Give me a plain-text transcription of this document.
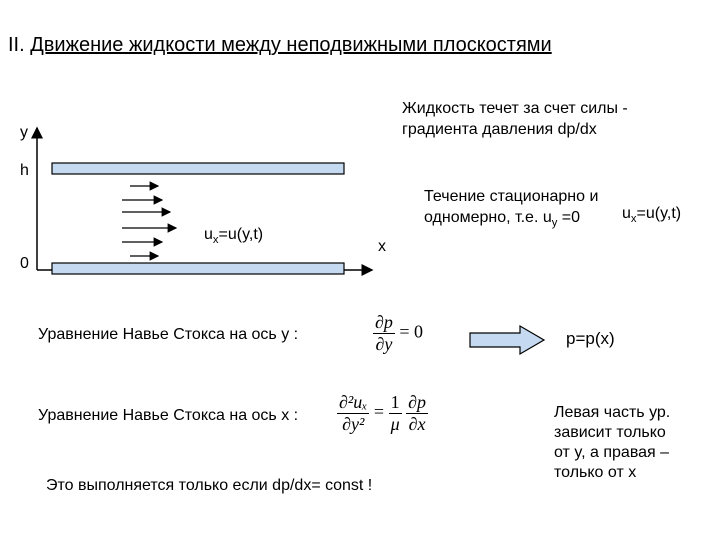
II. Движение жидкости между неподвижными плоскостями
y
h
0
x
$u_x=u(y,t)$
Жидкость течет за счет силы -
градиента давления dp/dx
Течение стационарно и
одномерно, т.е. $u_y =0$	$u_x=u(y,t)$
Уравнение Навье Стокса на ось y :	$\frac{\partial p}{\partial y} = 0$	p=p(x)
Уравнение Навье Стокса на ось x : $\frac{\text{∂²uₓ}}{\text{∂y²}} = \frac{1}{\mu}$
$\frac{\partial p}{\partial x}$	Левая часть ур.
зависит только
от y, а правая –
только от x
Это выполняется только если dp/dx= const !
